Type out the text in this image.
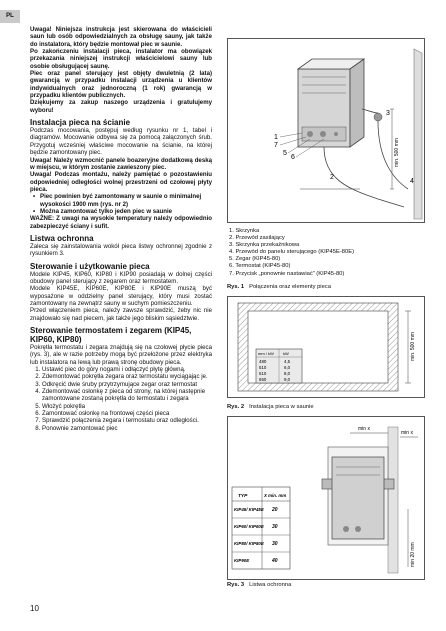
PL

Uwaga! Niniejsza instrukcja jest skierowana do właścicieli saun lub osób odpowiedzialnych za obsługę sauny, jak także do instalatora, który będzie montował piec w saunie.

Po zakończeniu instalacji pieca, instalator ma obowiązek przekazania niniejszej instrukcji właścicielowi sauny lub osobie obsługującej saunę.

Piec oraz panel sterujący jest objęty dwuletnią (2 lata) gwarancją w przypadku instalacji urządzenia u klientów indywidualnych oraz jednoroczną (1 rok) gwarancją w przypadku klientów publicznych.

Dziękujemy za zakup naszego urządzenia i gratulujemy wyboru!

Instalacja pieca na ścianie

Podczas mocowania, postępuj według rysunku nr 1, tabel i diagramów. Mocowanie odbywa się za pomocą załączonych śrub. Przygotuj wcześniej właściwe mocowanie na ścianie, na której będzie zamontowany piec.

Uwaga! Należy wzmocnić panele boazeryjne dodatkową deską w miejscu, w którym zostanie zawieszony piec.

Uwaga! Podczas montażu, należy pamiętać o pozostawieniu odpowiedniej odległości wolnej przestrzeni od czołowej płyty pieca.

• Piec powinien być zamontowany w saunie o minimalnej wysokości 1900 mm (rys. nr 2)
• Można zamontować tylko jeden piec w saunie

WAŻNE: Z uwagi na wysokie temperatury należy odpowiednio zabezpieczyć ściany i sufit.

Listwa ochronna

Zaleca się zainstalowania wokół pieca listwy ochronnej zgodnie z rysunkiem 3.

Sterowanie i użytkowanie pieca

Modele KIP45, KIP60, KIP80 i KIP90 posiadają w dolnej części obudowy panel sterujący z zegarem oraz termostatem.

Modele KIP45E, KIP60E, KIP80E i KIP90E muszą być wyposażone w oddzielny panel sterujący, który musi zostać zamontowany na zewnątrz sauny w suchym pomieszczeniu.

Przed włączeniem pieca, należy zawsze sprawdzić, żeby nic nie znajdowało się nad piecem, jak także jego bliskim sąsiedztwie.

Sterowanie termostatem i zegarem (KIP45, KIP60, KIP80)

Pokrętła termostatu i zegara znajdują się na czołowej płycie pieca (rys. 3), ale w razie potrzeby mogą być przełożone przez elektryka lub instalatora na lewą lub prawą stronę obudowy pieca.

1. Ustawić piec do góry nogami i odłączyć płytę główną.
2. Zdemontować pokrętła zegara oraz termostatu wyciągając je.
3. Odkręcić dwie śruby przytrzymujące zegar oraz termostat
4. Zdemontować osłonkę z pieca od strony, na której następnie zamontowane zostaną pokrętła do termostatu i zegara
5. Włożyć pokrętła
6. Zamontować osłonkę na frontowej części pieca
7. Sprawdzić połączenia zegara i termostatu oraz odległości.
8. Ponownie zamontować piec
min. 500 mm
1
7
5
6
2
3
4
1. Skrzynka
2. Przewód zasilający
3. Skrzynka przekaźnikowa
4. Przewód do panelu sterującego (KIP45E-80E)
5. Zegar (KIP45-80)
6. Termostat (KIP45-80)
7. Przycisk „ponownie nastawiać” (KIP45-80)
Rys. 1 Połączenia oraz elementy pieca
min. 500 mm
mm / kW kW
480	4,5
510	6,0
610	8,0
650	9,0
Rys. 2 Instalacja pieca w saunie
min x
min x
min 20 mm
TYP	X min. mm
KIP45/ KIP45E 20
KIP60/ KIP60E 30
KIP80/ KIP80E 30
KIP90E	40
Rys. 3 Listwa ochronna
10
